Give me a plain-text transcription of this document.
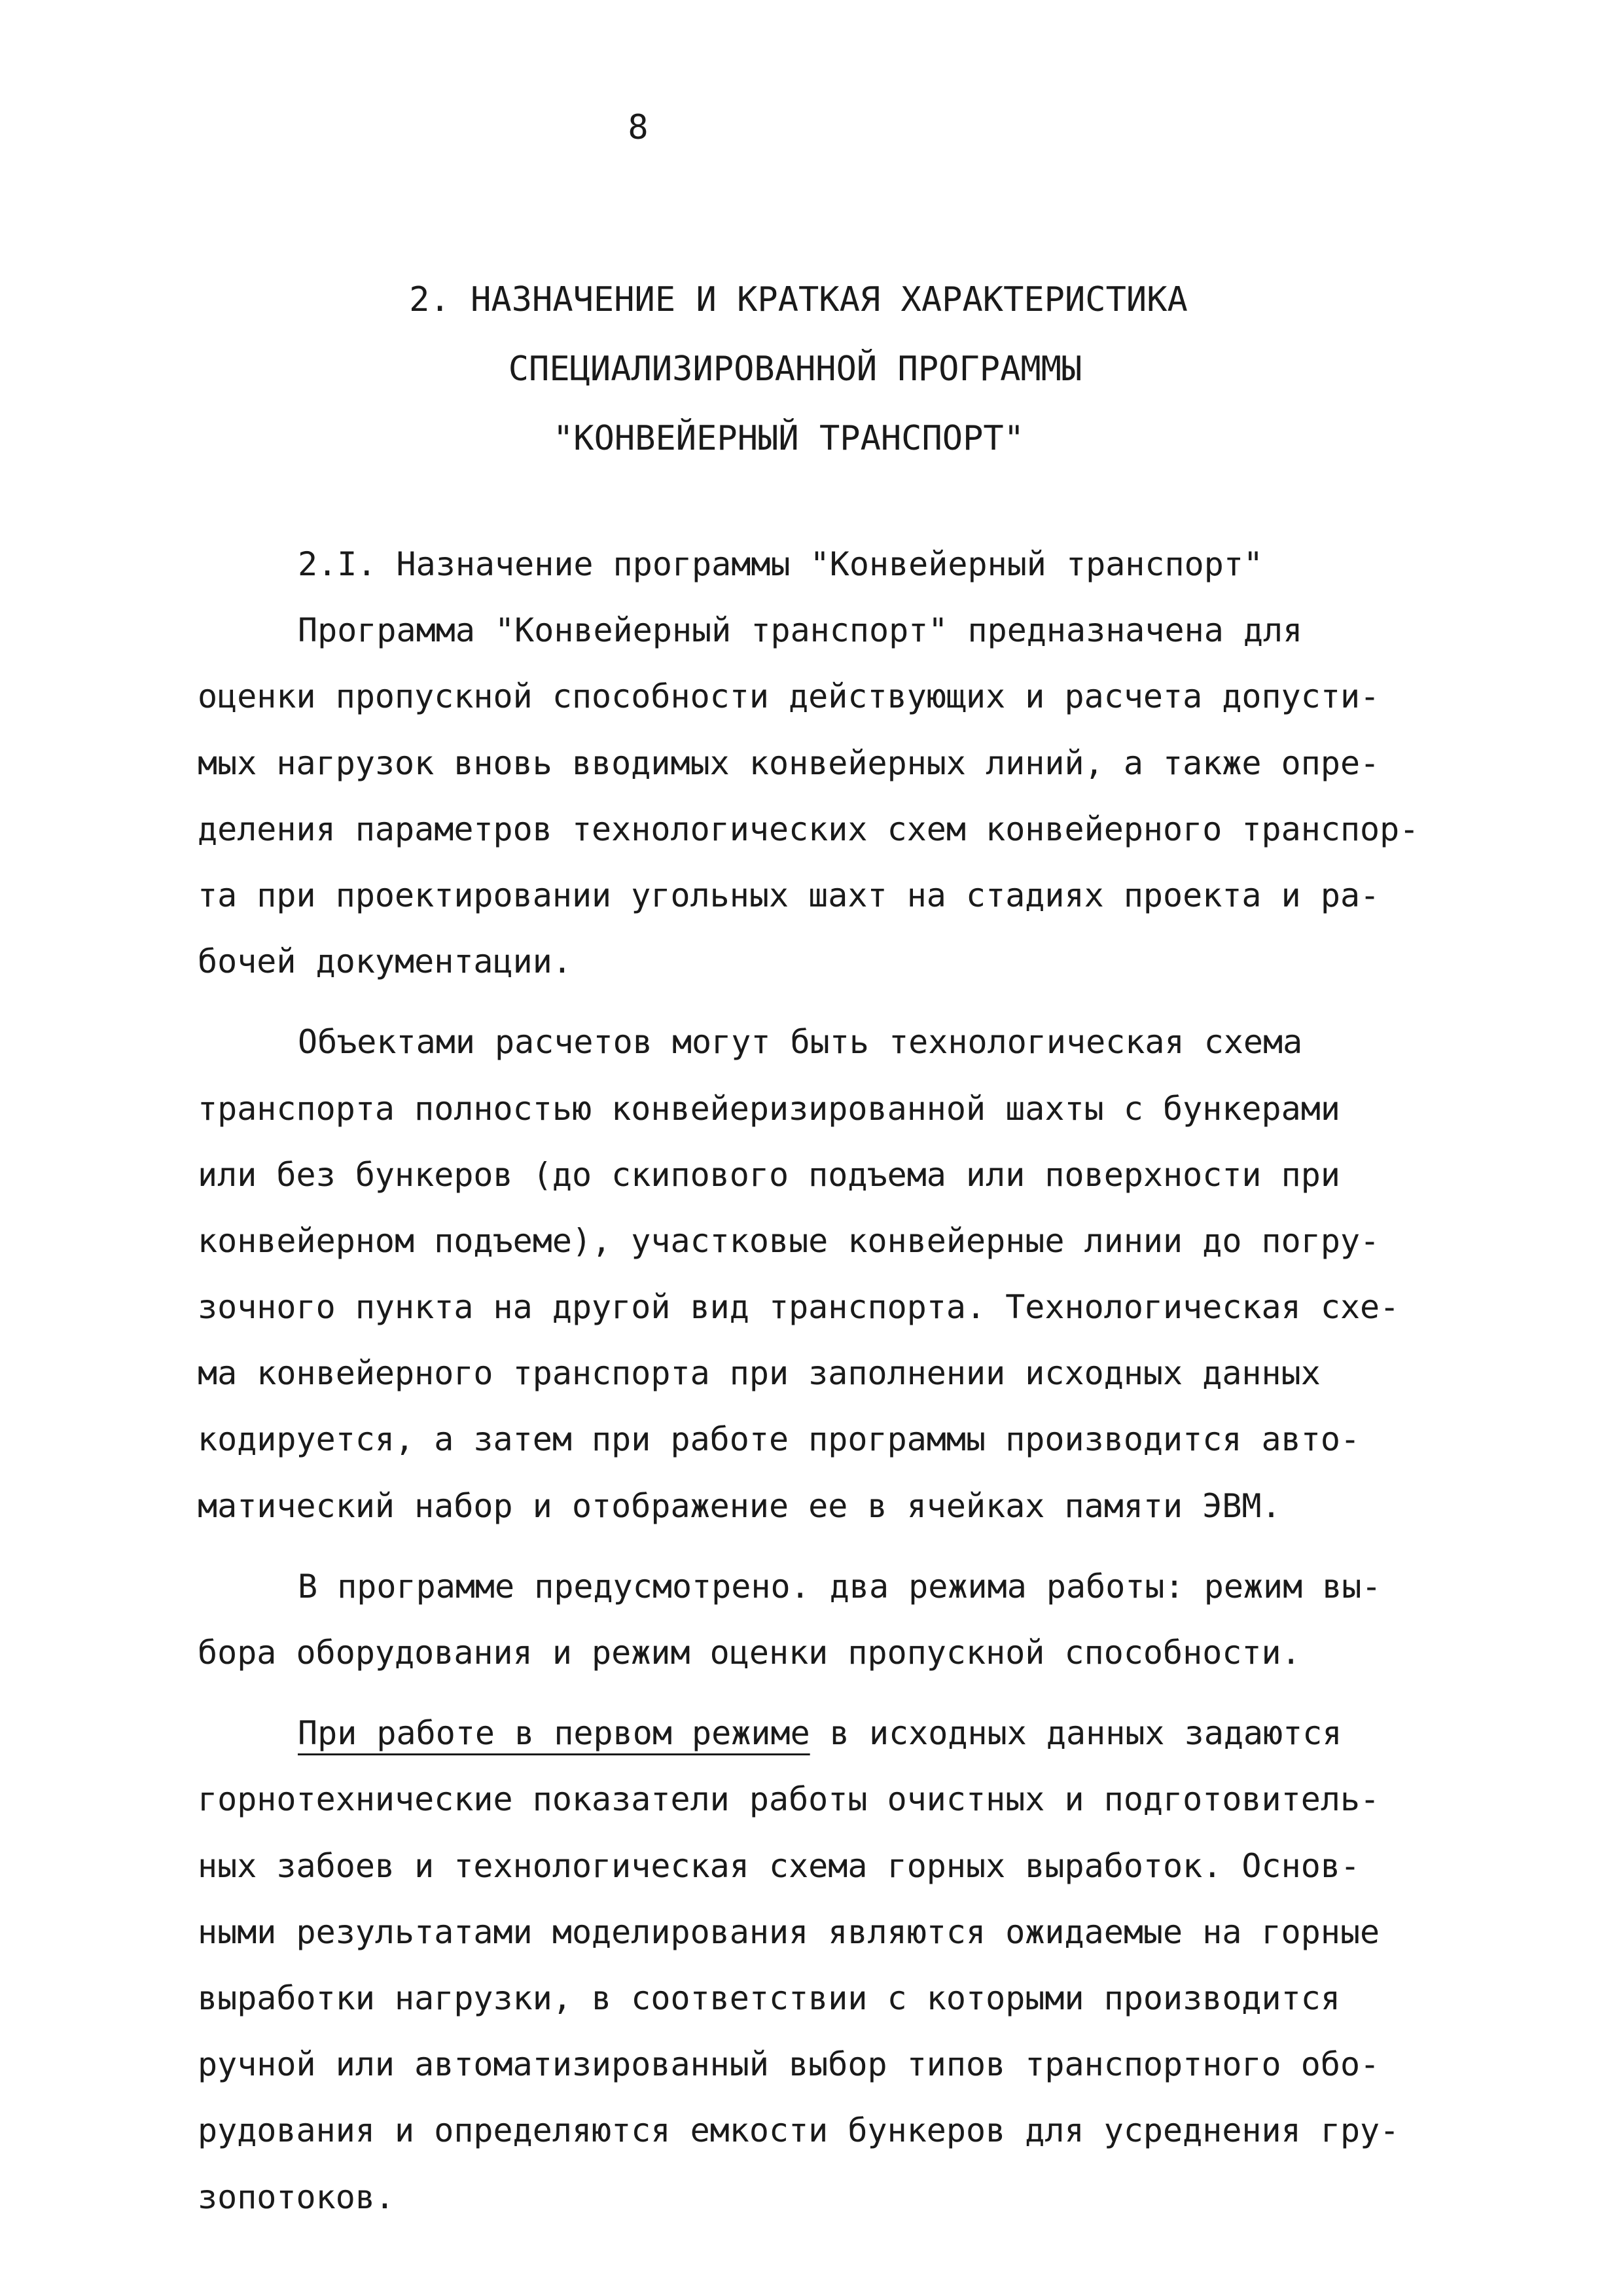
8
2. НАЗНАЧЕНИЕ И КРАТКАЯ ХАРАКТЕРИСТИКА
СПЕЦИАЛИЗИРОВАННОЙ ПРОГРАММЫ
"КОНВЕЙЕРНЫЙ ТРАНСПОРТ"
2.I. Назначение программы "Конвейерный транспорт"
Программа "Конвейерный транспорт" предназначена для
оценки пропускной способности действующих и расчета допусти-
мых нагрузок вновь вводимых конвейерных линий, а также опре-
деления параметров технологических схем конвейерного транспор-
та при проектировании угольных шахт на стадиях проекта и ра-
бочей документации.
Объектами расчетов могут быть технологическая схема
транспорта полностью конвейеризированной шахты с бункерами
или без бункеров (до скипового подъема или поверхности при
конвейерном подъеме), участковые конвейерные линии до погру-
зочного пункта на другой вид транспорта. Технологическая схе-
ма конвейерного транспорта при заполнении исходных данных
кодируется, а затем при работе программы производится авто-
матический набор и отображение ее в ячейках памяти ЭВМ.
В программе предусмотрено. два режима работы: режим вы-
бора оборудования и режим оценки пропускной способности.
При работе в первом режиме в исходных данных задаются
горнотехнические показатели работы очистных и подготовитель-
ных забоев и технологическая схема горных выработок. Основ-
ными результатами моделирования являются ожидаемые на горные
выработки нагрузки, в соответствии с которыми производится
ручной или автоматизированный выбор типов транспортного обо-
рудования и определяются емкости бункеров для усреднения гру-
зопотоков.
